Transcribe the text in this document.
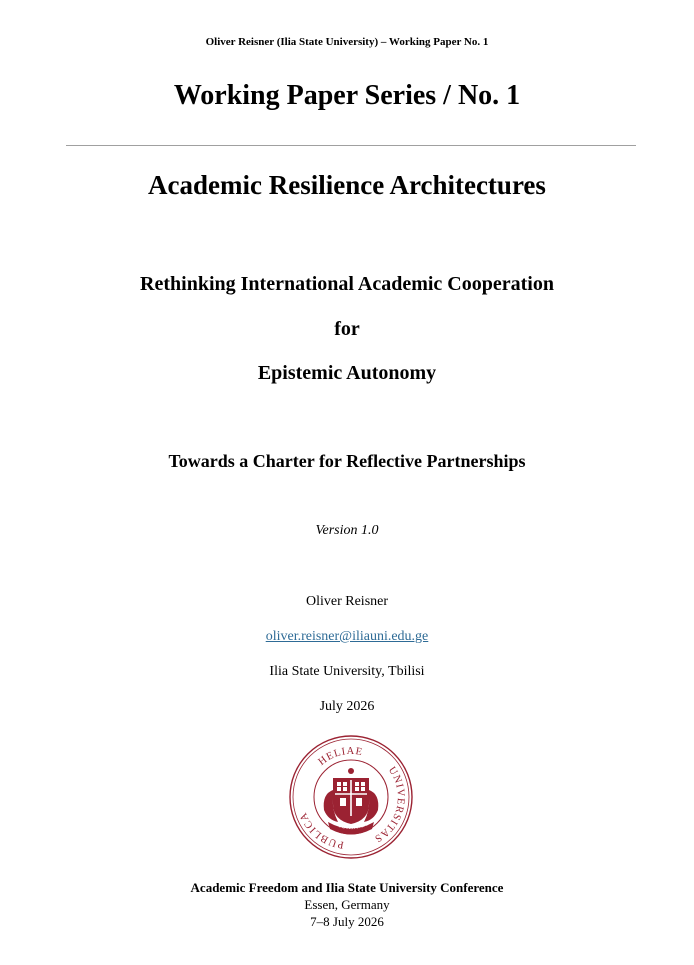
Oliver Reisner (Ilia State University) – Working Paper No. 1
Working Paper Series / No. 1
Academic Resilience Architectures
Rethinking International Academic Cooperation
for
Epistemic Autonomy
Towards a Charter for Reflective Partnerships
Version 1.0
Oliver Reisner
oliver.reisner@iliauni.edu.ge
Ilia State University, Tbilisi
July 2026
HELIAE
PUBLICA
UNIVERSITAS
IOANNES
Academic Freedom and Ilia State University Conference
Essen, Germany
7–8 July 2026
